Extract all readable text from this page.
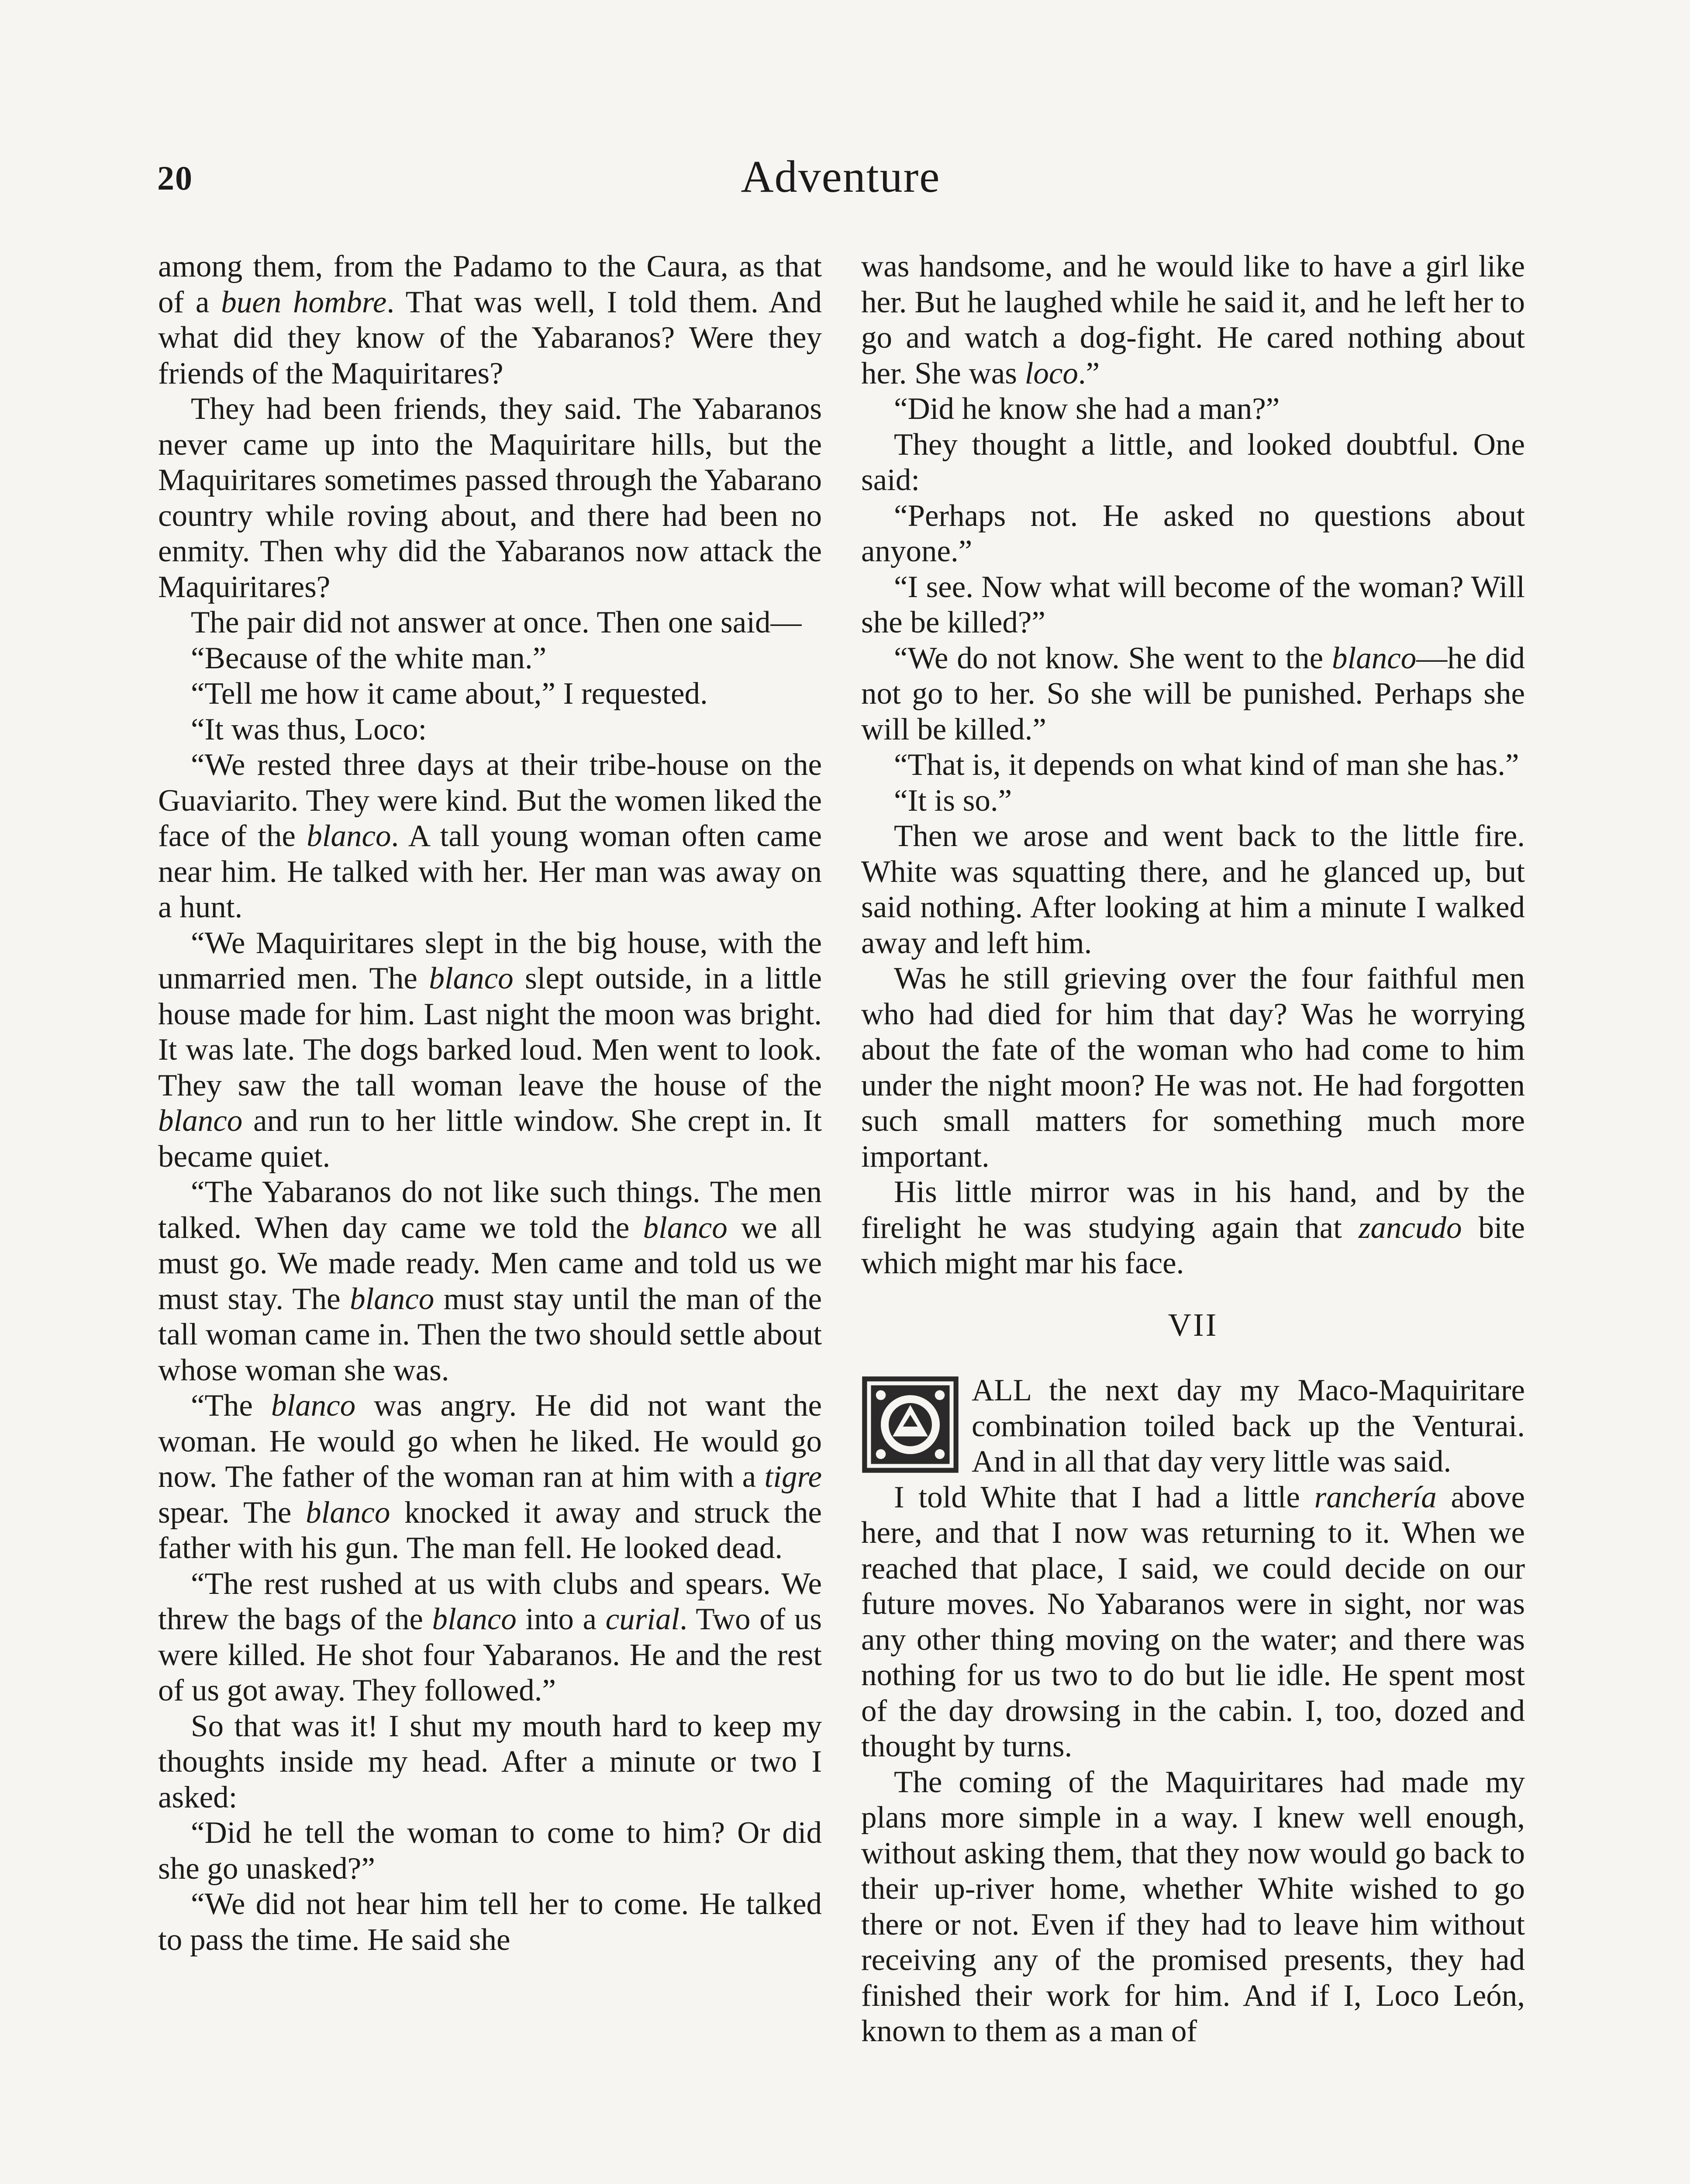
20	Adventure

among them, from the Padamo to the Caura, as that of a buen hombre. That was well, I told them. And what did they know of the Yabaranos? Were they friends of the Maquiritares?

They had been friends, they said. The Yabaranos never came up into the Maquiritare hills, but the Maquiritares sometimes passed through the Yabarano country while roving about, and there had been no enmity. Then why did the Yabaranos now attack the Maquiritares?

The pair did not answer at once. Then one said—

“Because of the white man.”

“Tell me how it came about,” I requested.

“It was thus, Loco:

“We rested three days at their tribe-house on the Guaviarito. They were kind. But the women liked the face of the blanco. A tall young woman often came near him. He talked with her. Her man was away on a hunt.

“We Maquiritares slept in the big house, with the unmarried men. The blanco slept outside, in a little house made for him. Last night the moon was bright. It was late. The dogs barked loud. Men went to look. They saw the tall woman leave the house of the blanco and run to her little window. She crept in. It became quiet.

“The Yabaranos do not like such things. The men talked. When day came we told the blanco we all must go. We made ready. Men came and told us we must stay. The blanco must stay until the man of the tall woman came in. Then the two should settle about whose woman she was.

“The blanco was angry. He did not want the woman. He would go when he liked. He would go now. The father of the woman ran at him with a tigre spear. The blanco knocked it away and struck the father with his gun. The man fell. He looked dead.

“The rest rushed at us with clubs and spears. We threw the bags of the blanco into a curial. Two of us were killed. He shot four Yabaranos. He and the rest of us got away. They followed.”

So that was it! I shut my mouth hard to keep my thoughts inside my head. After a minute or two I asked:

“Did he tell the woman to come to him? Or did she go unasked?”

“We did not hear him tell her to come. He talked to pass the time. He said she

was handsome, and he would like to have a girl like her. But he laughed while he said it, and he left her to go and watch a dog-fight. He cared nothing about her. She was loco.”

“Did he know she had a man?”

They thought a little, and looked doubtful. One said:

“Perhaps not. He asked no questions about anyone.”

“I see. Now what will become of the woman? Will she be killed?”

“We do not know. She went to the blanco—he did not go to her. So she will be punished. Perhaps she will be killed.”

“That is, it depends on what kind of man she has.”

“It is so.”

Then we arose and went back to the little fire. White was squatting there, and he glanced up, but said nothing. After looking at him a minute I walked away and left him.

Was he still grieving over the four faithful men who had died for him that day? Was he worrying about the fate of the woman who had come to him under the night moon? He was not. He had forgotten such small matters for something much more important.

His little mirror was in his hand, and by the firelight he was studying again that zancudo bite which might mar his face.

VII

ALL the next day my Maco-Maquiritare combination toiled back up the Venturai. And in all that day very little was said.

I told White that I had a little ranchería above here, and that I now was returning to it. When we reached that place, I said, we could decide on our future moves. No Yabaranos were in sight, nor was any other thing moving on the water; and there was nothing for us two to do but lie idle. He spent most of the day drowsing in the cabin. I, too, dozed and thought by turns.

The coming of the Maquiritares had made my plans more simple in a way. I knew well enough, without asking them, that they now would go back to their up-river home, whether White wished to go there or not. Even if they had to leave him without receiving any of the promised presents, they had finished their work for him. And if I, Loco León, known to them as a man of
